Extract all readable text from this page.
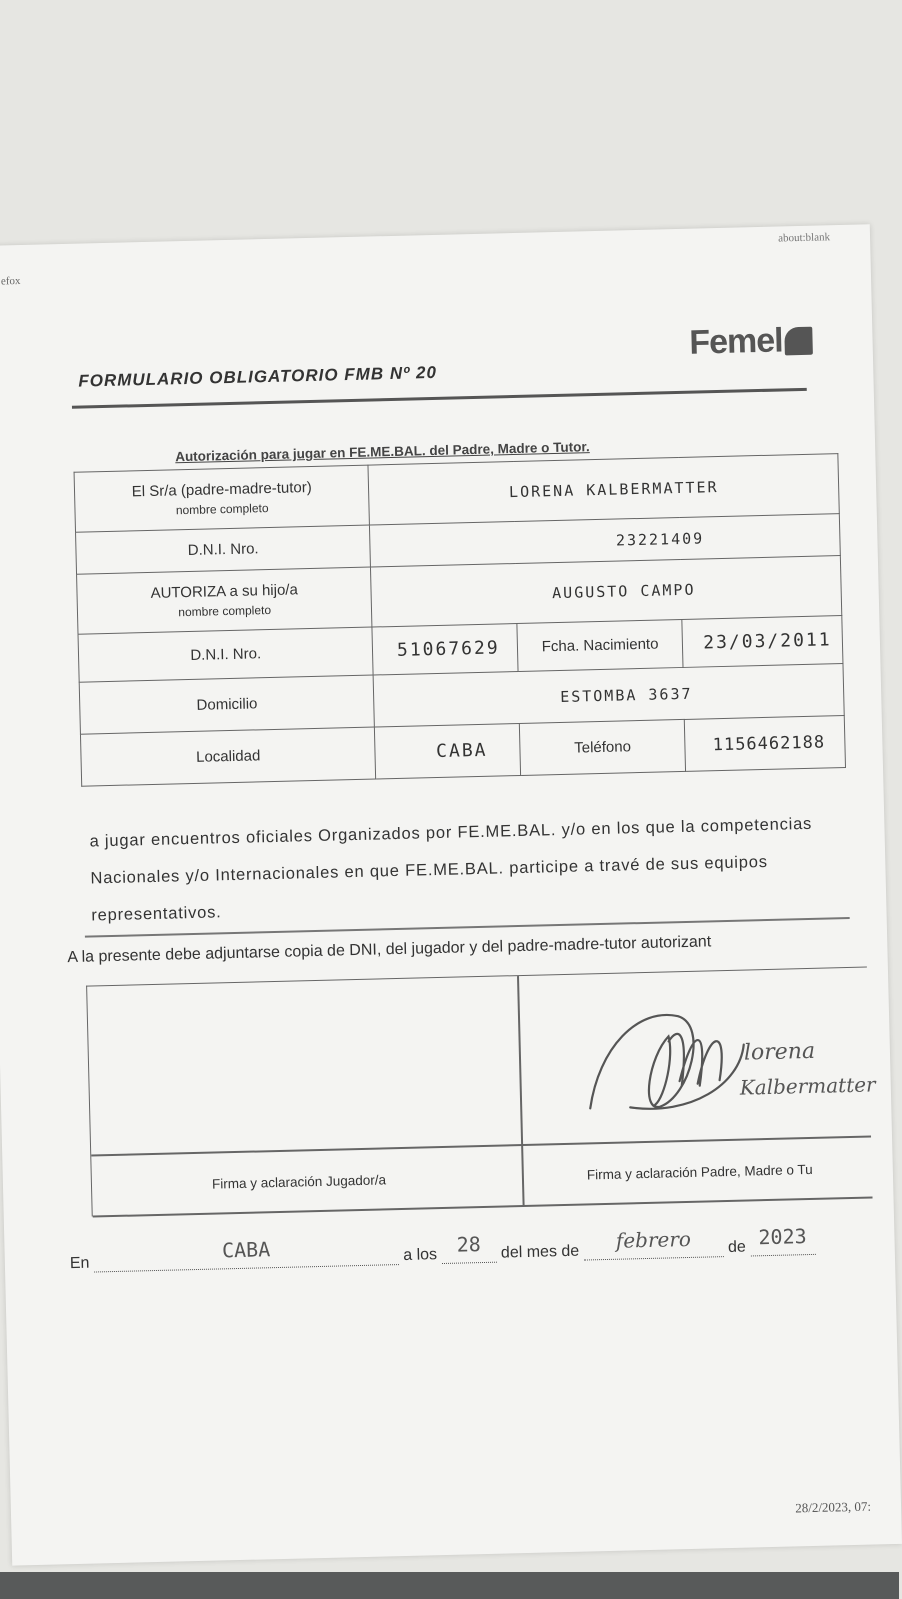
efox
about:blank
Femel
FORMULARIO OBLIGATORIO FMB Nº 20
Autorización para jugar en FE.ME.BAL. del Padre, Madre o Tutor.
El Sr/a (padre-madre-tutor)
nombre completo	LORENA KALBERMATTER		
D.N.I. Nro.	23221409		

AUTORIZA a su hijo/a
nombre completo	AUGUSTO CAMPO		
D.N.I. Nro.	51067629	Fcha. Nacimiento	23/03/2011
Domicilio	ESTOMBA 3637		
Localidad	CABA	Teléfono	1156462188
a jugar encuentros oficiales Organizados por FE.ME.BAL. y/o en los que la competencias Nacionales y/o Internacionales en que FE.ME.BAL. participe a travé de sus equipos representativos.
A la presente debe adjuntarse copia de DNI, del jugador y del padre-madre-tutor autorizant
lorena
Kalbermatter
Firma y aclaración Jugador/a	Firma y aclaración Padre, Madre o Tu
En
CABA	a los 28 del mes de febrero de 2023
28/2/2023, 07:
